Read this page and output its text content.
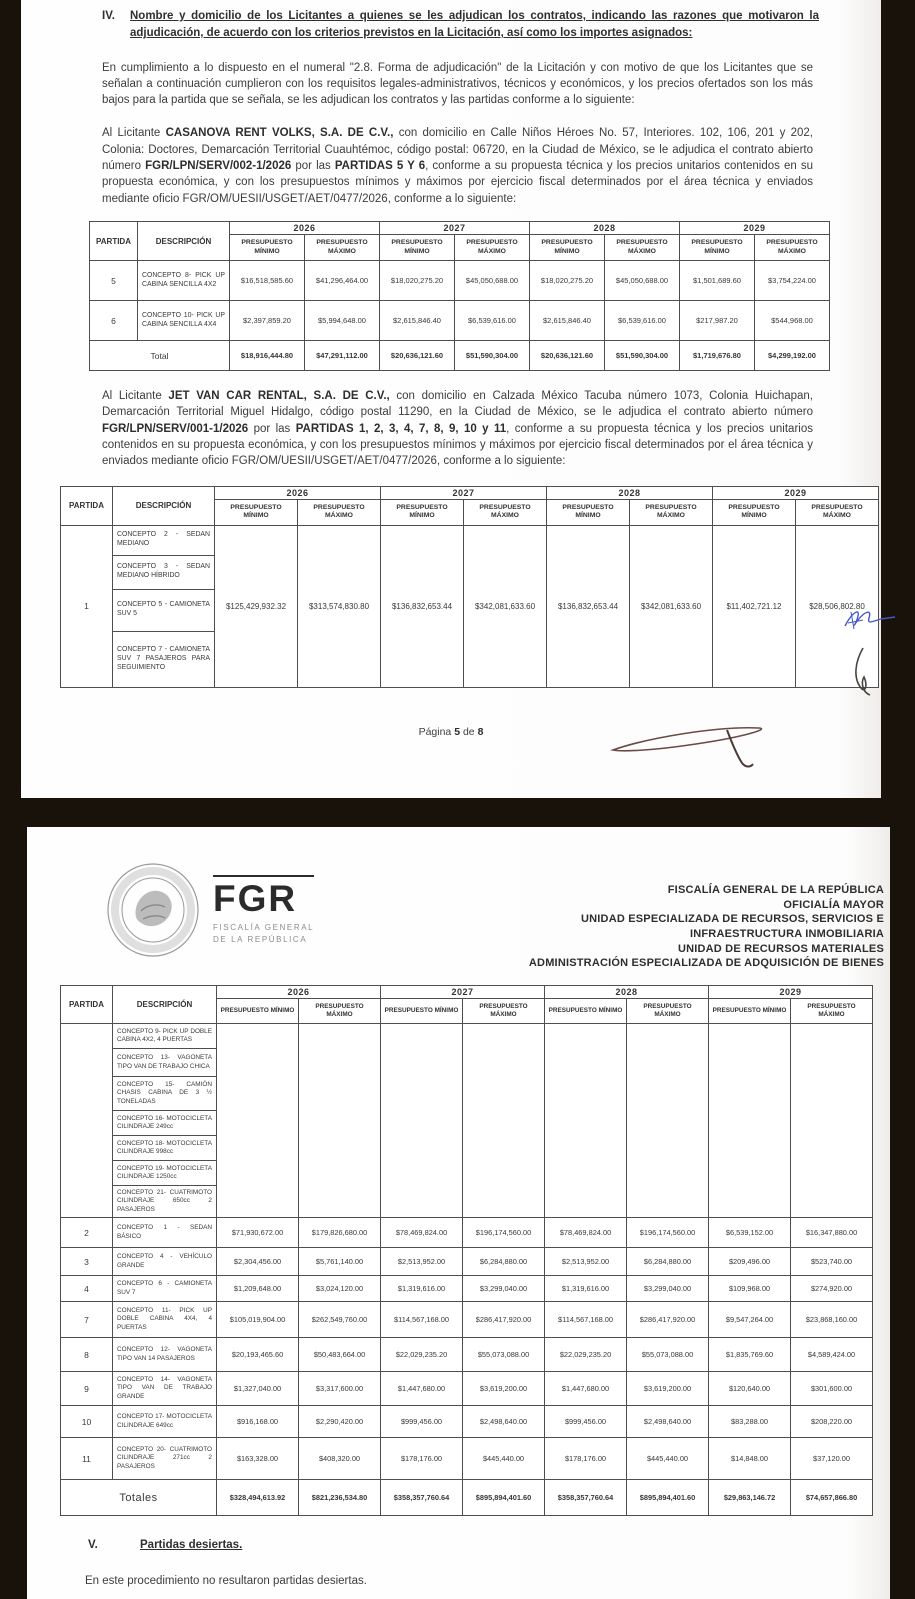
IV.	Nombre y domicilio de los Licitantes a quienes se les adjudican los contratos, indicando las razones que motivaron la adjudicación, de acuerdo con los criterios previstos en la Licitación, así como los importes asignados:

En cumplimiento a lo dispuesto en el numeral "2.8. Forma de adjudicación" de la Licitación y con motivo de que los Licitantes que se señalan a continuación cumplieron con los requisitos legales-administrativos, técnicos y económicos, y los precios ofertados son los más bajos para la partida que se señala, se les adjudican los contratos y las partidas conforme a lo siguiente:

Al Licitante CASANOVA RENT VOLKS, S.A. DE C.V., con domicilio en Calle Niños Héroes No. 57, Interiores. 102, 106, 201 y 202, Colonia: Doctores, Demarcación Territorial Cuauhtémoc, código postal: 06720, en la Ciudad de México, se le adjudica el contrato abierto número FGR/LPN/SERV/002-1/2026 por las PARTIDAS 5 Y 6, conforme a su propuesta técnica y los precios unitarios contenidos en su propuesta económica, y con los presupuestos mínimos y máximos por ejercicio fiscal determinados por el área técnica y enviados mediante oficio FGR/OM/UESII/USGET/AET/0477/2026, conforme a lo siguiente:

PARTIDA	DESCRIPCIÓN	2026		2027		2028		2029	
		PRESUPUESTO MÍNIMO	PRESUPUESTO MÁXIMO	PRESUPUESTO MÍNIMO	PRESUPUESTO MÁXIMO	PRESUPUESTO MÍNIMO	PRESUPUESTO MÁXIMO	PRESUPUESTO MÍNIMO	PRESUPUESTO MÁXIMO
5	CONCEPTO 8- PICK UP CABINA SENCILLA 4X2	$16,518,585.60	$41,296,464.00	$18,020,275.20	$45,050,688.00	$18,020,275.20	$45,050,688.00	$1,501,689.60	$3,754,224.00
6	CONCEPTO 10- PICK UP CABINA SENCILLA 4X4	$2,397,859.20	$5,994,648.00	$2,615,846.40	$6,539,616.00	$2,615,846.40	$6,539,616.00	$217,987.20	$544,968.00
Total		$18,916,444.80	$47,291,112.00	$20,636,121.60	$51,590,304.00	$20,636,121.60	$51,590,304.00	$1,719,676.80	$4,299,192.00

Al Licitante JET VAN CAR RENTAL, S.A. DE C.V., con domicilio en Calzada México Tacuba número 1073, Colonia Huichapan, Demarcación Territorial Miguel Hidalgo, código postal 11290, en la Ciudad de México, se le adjudica el contrato abierto número FGR/LPN/SERV/001-1/2026 por las PARTIDAS 1, 2, 3, 4, 7, 8, 9, 10 y 11, conforme a su propuesta técnica y los precios unitarios contenidos en su propuesta económica, y con los presupuestos mínimos y máximos por ejercicio fiscal determinados por el área técnica y enviados mediante oficio FGR/OM/UESII/USGET/AET/0477/2026, conforme a lo siguiente:

PARTIDA	DESCRIPCIÓN	2026		2027		2028		2029	
		PRESUPUESTO MÍNIMO	PRESUPUESTO MÁXIMO	PRESUPUESTO MÍNIMO	PRESUPUESTO MÁXIMO	PRESUPUESTO MÍNIMO	PRESUPUESTO MÁXIMO	PRESUPUESTO MÍNIMO	PRESUPUESTO MÁXIMO
1	CONCEPTO 2 - SEDAN MEDIANO	$125,429,932.32	$313,574,830.80	$136,832,653.44	$342,081,633.60	$136,832,653.44	$342,081,633.60	$11,402,721.12	$28,506,802.80
	CONCEPTO 3 - SEDAN MEDIANO HÍBRIDO								
	CONCEPTO 5 - CAMIONETA SUV 5								
	CONCEPTO 7 - CAMIONETA SUV 7 PASAJEROS PARA SEGUIMIENTO								
Página 5 de 8
FGR
FISCALÍA GENERAL
DE LA REPÚBLICA
FISCALÍA GENERAL DE LA REPÚBLICA
OFICIALÍA MAYOR
UNIDAD ESPECIALIZADA DE RECURSOS, SERVICIOS E
INFRAESTRUCTURA INMOBILIARIA
UNIDAD DE RECURSOS MATERIALES
ADMINISTRACIÓN ESPECIALIZADA DE ADQUISICIÓN DE BIENES
PARTIDA	DESCRIPCIÓN	2026		2027		2028		2029	
		PRESUPUESTO MÍNIMO	PRESUPUESTO MÁXIMO	PRESUPUESTO MÍNIMO	PRESUPUESTO MÁXIMO	PRESUPUESTO MÍNIMO	PRESUPUESTO MÁXIMO	PRESUPUESTO MÍNIMO	PRESUPUESTO MÁXIMO
	CONCEPTO 9- PICK UP DOBLE CABINA 4X2, 4 PUERTAS								
	CONCEPTO 13- VAGONETA TIPO VAN DE TRABAJO CHICA								
	CONCEPTO 15- CAMIÓN CHASIS CABINA DE 3 ½ TONELADAS								
	CONCEPTO 16- MOTOCICLETA CILINDRAJE 249cc								
	CONCEPTO 18- MOTOCICLETA CILINDRAJE 998cc								
	CONCEPTO 19- MOTOCICLETA CILINDRAJE 1250cc								
	CONCEPTO 21- CUATRIMOTO CILINDRAJE 650cc 2 PASAJEROS								
2	CONCEPTO 1 - SEDAN BÁSICO	$71,930,672.00	$179,826,680.00	$78,469,824.00	$196,174,560.00	$78,469,824.00	$196,174,560.00	$6,539,152.00	$16,347,880.00
3	CONCEPTO 4 - VEHÍCULO GRANDE	$2,304,456.00	$5,761,140.00	$2,513,952.00	$6,284,880.00	$2,513,952.00	$6,284,880.00	$209,496.00	$523,740.00
4	CONCEPTO 6 - CAMIONETA SUV 7	$1,209,648.00	$3,024,120.00	$1,319,616.00	$3,299,040.00	$1,319,616.00	$3,299,040.00	$109,968.00	$274,920.00
7	CONCEPTO 11- PICK UP DOBLE CABINA 4X4, 4 PUERTAS	$105,019,904.00	$262,549,760.00	$114,567,168.00	$286,417,920.00	$114,567,168.00	$286,417,920.00	$9,547,264.00	$23,868,160.00
8	CONCEPTO 12- VAGONETA TIPO VAN 14 PASAJEROS	$20,193,465.60	$50,483,664.00	$22,029,235.20	$55,073,088.00	$22,029,235.20	$55,073,088.00	$1,835,769.60	$4,589,424.00
9	CONCEPTO 14- VAGONETA TIPO VAN DE TRABAJO GRANDE	$1,327,040.00	$3,317,600.00	$1,447,680.00	$3,619,200.00	$1,447,680.00	$3,619,200.00	$120,640.00	$301,600.00
10	CONCEPTO 17- MOTOCICLETA CILINDRAJE 649cc	$916,168.00	$2,290,420.00	$999,456.00	$2,498,640.00	$999,456.00	$2,498,640.00	$83,288.00	$208,220.00
11	CONCEPTO 20- CUATRIMOTO CILINDRAJE 271cc 2 PASAJEROS	$163,328.00	$408,320.00	$178,176.00	$445,440.00	$178,176.00	$445,440.00	$14,848.00	$37,120.00
Totales		$328,494,613.92	$821,236,534.80	$358,357,760.64	$895,894,401.60	$358,357,760.64	$895,894,401.60	$29,863,146.72	$74,657,866.80
V.	Partidas desiertas.
En este procedimiento no resultaron partidas desiertas.
